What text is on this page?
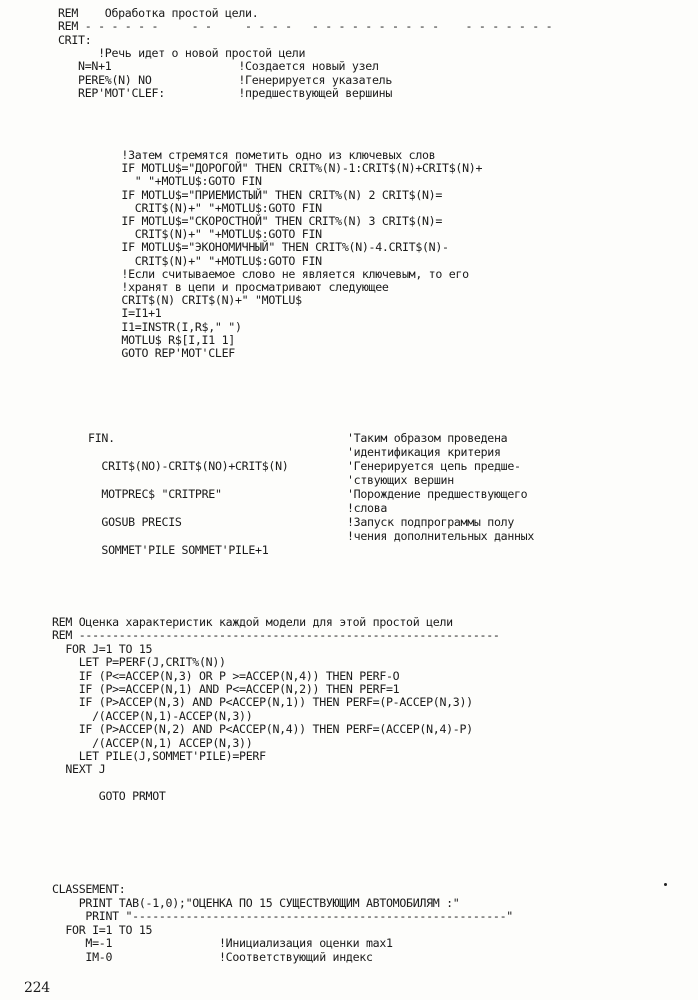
REM    Обработка простой цели.
REM - - - - - -     - -     - - - -   - - - - - - - - - -    - - - - - - -
CRIT:
!Речь идет о новой простой цели
N=N+1                   !Создается новый узел
PERE%(N) NO             !Генерируется указатель
REP'MOT'CLEF:           !предшествующей вершины
!Затем стремятся пометить одно из ключевых слов
IF MOTLU$="ДОРОГОЙ" THEN CRIT%(N)-1:CRIT$(N)+CRIT$(N)+
" "+MOTLU$:GOTO FIN
IF MOTLU$="ПРИЕМИСТЫЙ" THEN CRIT%(N) 2 CRIT$(N)=
CRIT$(N)+" "+MOTLU$:GOTO FIN
IF MOTLU$="СКОРОСТНОЙ" THEN CRIT%(N) 3 CRIT$(N)=
CRIT$(N)+" "+MOTLU$:GOTO FIN
IF MOTLU$="ЭКОНОМИЧНЫЙ" THEN CRIT%(N)-4.CRIT$(N)-
CRIT$(N)+" "+MOTLU$:GOTO FIN
!Если считываемое слово не является ключевым, то его
!хранят в цепи и просматривают следующее
CRIT$(N) CRIT$(N)+" "MOTLU$
I=I1+1
I1=INSTR(I,R$," ")
MOTLU$ R$[I,I1 1]
GOTO REP'MOT'CLEF
FIN.	'Таким образом проведена
'идентификация критерия
CRIT$(NO)-CRIT$(NO)+CRIT$(N)	'Генерируется цепь предше-
'ствующих вершин
MOTPREC$ "CRITPRE"	'Порождение предшествующего
!слова
GOSUB PRECIS	!Запуск подпрограммы полу
!чения дополнительных данных
SOMMET'PILE SOMMET'PILE+1
REM Оценка характеристик каждой модели для этой простой цели
REM ---------------------------------------------------------------
FOR J=1 TO 15
LET P=PERF(J,CRIT%(N))
IF (P<=ACCEP(N,3) OR P >=ACCEP(N,4)) THEN PERF-O
IF (P>=ACCEP(N,1) AND P<=ACCEP(N,2)) THEN PERF=1
IF (P>ACCEP(N,3) AND P<ACCEP(N,1)) THEN PERF=(P-ACCEP(N,3))
/(ACCEP(N,1)-ACCEP(N,3))
IF (P>ACCEP(N,2) AND P<ACCEP(N,4)) THEN PERF=(ACCEP(N,4)-P)
/(ACCEP(N,1) ACCEP(N,3))
LET PILE(J,SOMMET'PILE)=PERF
NEXT J
GOTO PRMOT
CLASSEMENT:
PRINT TAB(-1,0);"ОЦЕНКА ПО 15 СУЩЕСТВУЮЩИМ АВТОМОБИЛЯМ :"
PRINT "--------------------------------------------------------"
FOR I=1 TO 15
M=-1                !Инициализация оценки max1
IM-0                !Соответствующий индекс
224
